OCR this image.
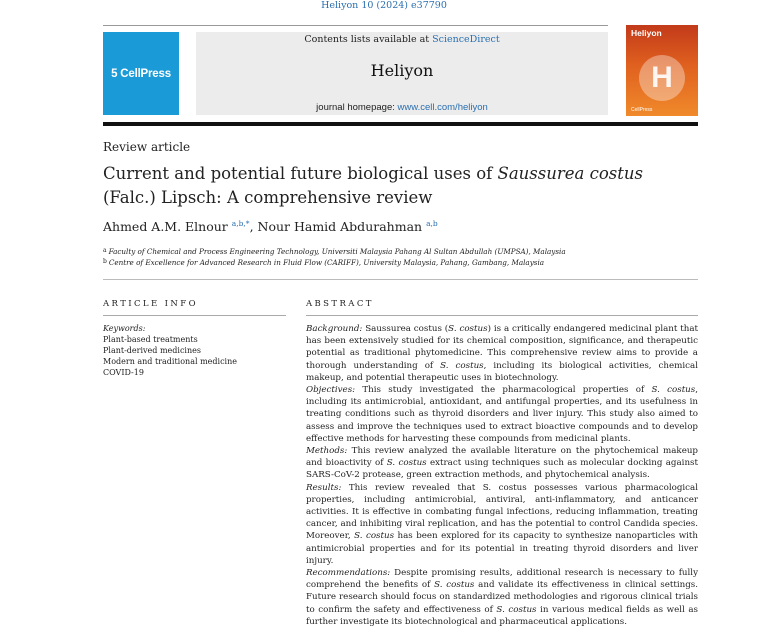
Heliyon 10 (2024) e37790
5 CellPress
Contents lists available at ScienceDirect
Heliyon
journal homepage: www.cell.com/heliyon
Heliyon
H
CellPress
Review article
Current and potential future biological uses of Saussurea costus
(Falc.) Lipsch: A comprehensive review
Ahmed A.M. Elnour $^{a,b,*}$, Nour Hamid Abdurahman $^{a,b}$
$^a$ Faculty of Chemical and Process Engineering Technology, Universiti Malaysia Pahang Al Sultan Abdullah (UMPSA), Malaysia
$^b$ Centre of Excellence for Advanced Research in Fluid Flow (CARIFF), University Malaysia, Pahang, Gambang, Malaysia
ARTICLE INFO	ABSTRACT
Keywords:
Plant-based treatments
Plant-derived medicines
Modern and traditional medicine
COVID-19

Background: Saussurea costus (S. costus) is a critically endangered medicinal plant that has been extensively studied for its chemical composition, significance, and therapeutic potential as traditional phytomedicine. This comprehensive review aims to provide a thorough understanding of S. costus, including its biological activities, chemical makeup, and potential therapeutic uses in biotechnology.

Objectives: This study investigated the pharmacological properties of S. costus, including its antimicrobial, antioxidant, and antifungal properties, and its usefulness in treating conditions such as thyroid disorders and liver injury. This study also aimed to assess and improve the techniques used to extract bioactive compounds and to develop effective methods for harvesting these compounds from medicinal plants.

Methods: This review analyzed the available literature on the phytochemical makeup and bioactivity of S. costus extract using techniques such as molecular docking against SARS-CoV-2 protease, green extraction methods, and phytochemical analysis.

Results: This review revealed that S. costus possesses various pharmacological properties, including antimicrobial, antiviral, anti-inflammatory, and anticancer activities. It is effective in combating fungal infections, reducing inflammation, treating cancer, and inhibiting viral replication, and has the potential to control Candida species. Moreover, S. costus has been explored for its capacity to synthesize nanoparticles with antimicrobial properties and for its potential in treating thyroid disorders and liver injury.

Recommendations: Despite promising results, additional research is necessary to fully comprehend the benefits of S. costus and validate its effectiveness in clinical settings. Future research should focus on standardized methodologies and rigorous clinical trials to confirm the safety and effectiveness of S. costus in various medical fields as well as further investigate its biotechnological and pharmaceutical applications.
